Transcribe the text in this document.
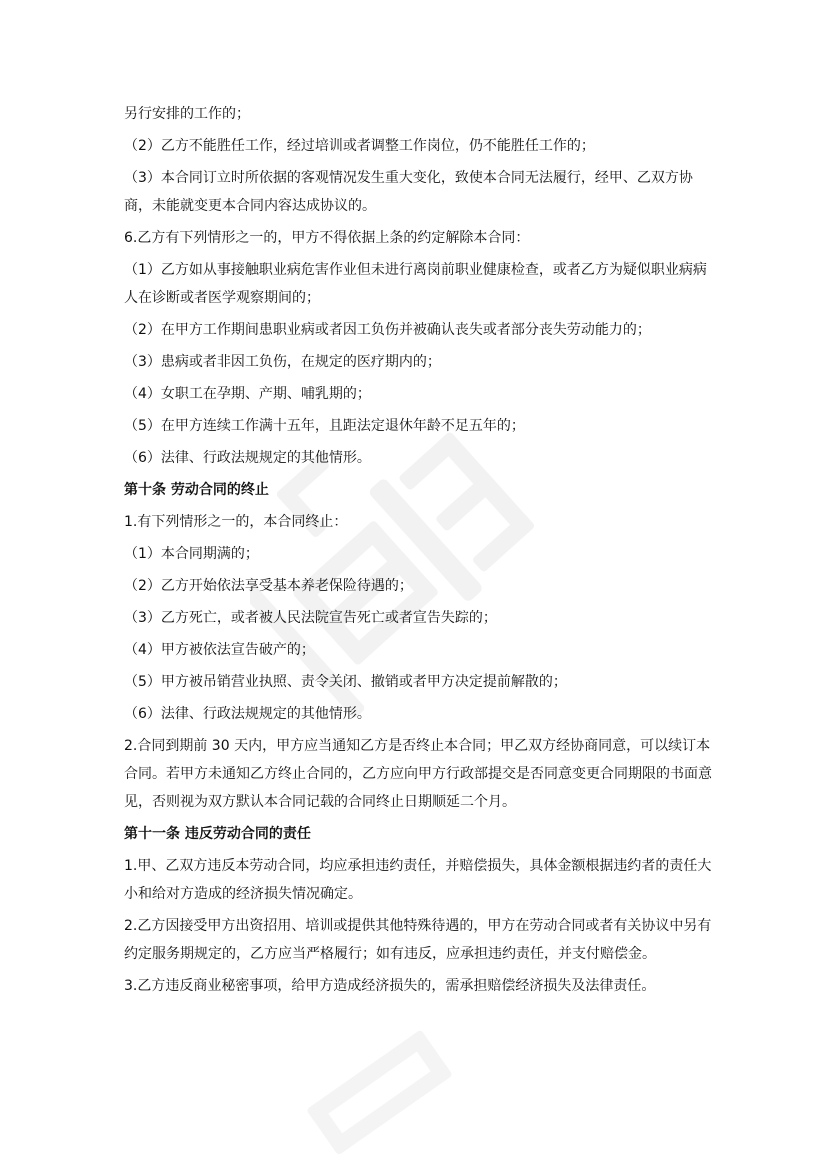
另行安排的工作的；

（2）乙方不能胜任工作，经过培训或者调整工作岗位，仍不能胜任工作的；

（3）本合同订立时所依据的客观情况发生重大变化，致使本合同无法履行，经甲、乙双方协商，未能就变更本合同内容达成协议的。

6.乙方有下列情形之一的，甲方不得依据上条的约定解除本合同：

（1）乙方如从事接触职业病危害作业但未进行离岗前职业健康检查，或者乙方为疑似职业病病人在诊断或者医学观察期间的；

（2）在甲方工作期间患职业病或者因工负伤并被确认丧失或者部分丧失劳动能力的；

（3）患病或者非因工负伤，在规定的医疗期内的；

（4）女职工在孕期、产期、哺乳期的；

（5）在甲方连续工作满十五年，且距法定退休年龄不足五年的；

（6）法律、行政法规规定的其他情形。

第十条 劳动合同的终止

1.有下列情形之一的，本合同终止：

（1）本合同期满的；

（2）乙方开始依法享受基本养老保险待遇的；

（3）乙方死亡，或者被人民法院宣告死亡或者宣告失踪的；

（4）甲方被依法宣告破产的；

（5）甲方被吊销营业执照、责令关闭、撤销或者甲方决定提前解散的；

（6）法律、行政法规规定的其他情形。

2.合同到期前 30 天内，甲方应当通知乙方是否终止本合同；甲乙双方经协商同意，可以续订本合同。若甲方未通知乙方终止合同的，乙方应向甲方行政部提交是否同意变更合同期限的书面意见，否则视为双方默认本合同记载的合同终止日期顺延二个月。

第十一条 违反劳动合同的责任

1.甲、乙双方违反本劳动合同，均应承担违约责任，并赔偿损失，具体金额根据违约者的责任大小和给对方造成的经济损失情况确定。

2.乙方因接受甲方出资招用、培训或提供其他特殊待遇的，甲方在劳动合同或者有关协议中另有约定服务期规定的，乙方应当严格履行；如有违反，应承担违约责任，并支付赔偿金。

3.乙方违反商业秘密事项，给甲方造成经济损失的，需承担赔偿经济损失及法律责任。
